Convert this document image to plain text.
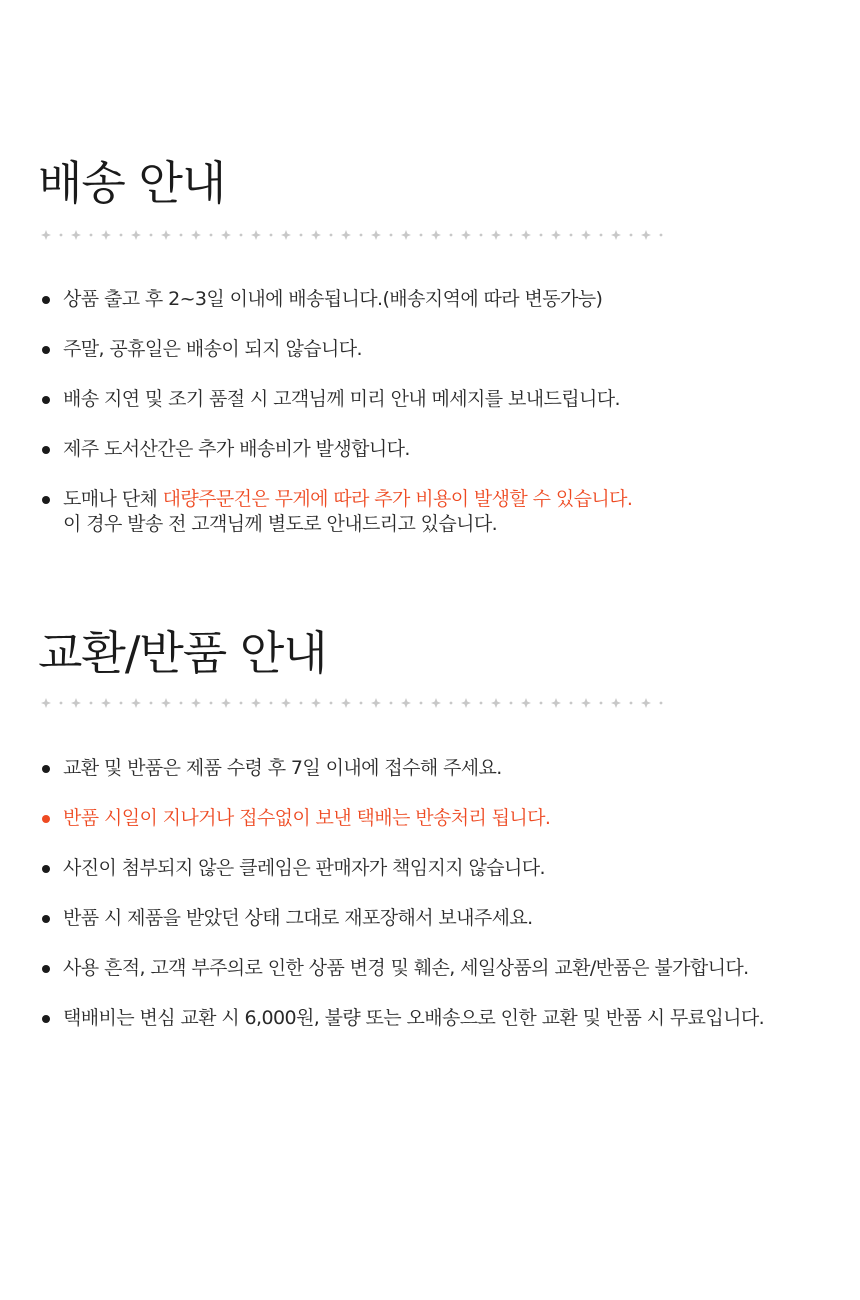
배송 안내
상품 출고 후 2~3일 이내에 배송됩니다.(배송지역에 따라 변동가능)
주말, 공휴일은 배송이 되지 않습니다.
배송 지연 및 조기 품절 시 고객님께 미리 안내 메세지를 보내드립니다.
제주 도서산간은 추가 배송비가 발생합니다.
도매나 단체 대량주문건은 무게에 따라 추가 비용이 발생할 수 있습니다.
이 경우 발송 전 고객님께 별도로 안내드리고 있습니다.
교환/반품 안내
교환 및 반품은 제품 수령 후 7일 이내에 접수해 주세요.
반품 시일이 지나거나 접수없이 보낸 택배는 반송처리 됩니다.
사진이 첨부되지 않은 클레임은 판매자가 책임지지 않습니다.
반품 시 제품을 받았던 상태 그대로 재포장해서 보내주세요.
사용 흔적, 고객 부주의로 인한 상품 변경 및 훼손, 세일상품의 교환/반품은 불가합니다.
택배비는 변심 교환 시 6,000원, 불량 또는 오배송으로 인한 교환 및 반품 시 무료입니다.
